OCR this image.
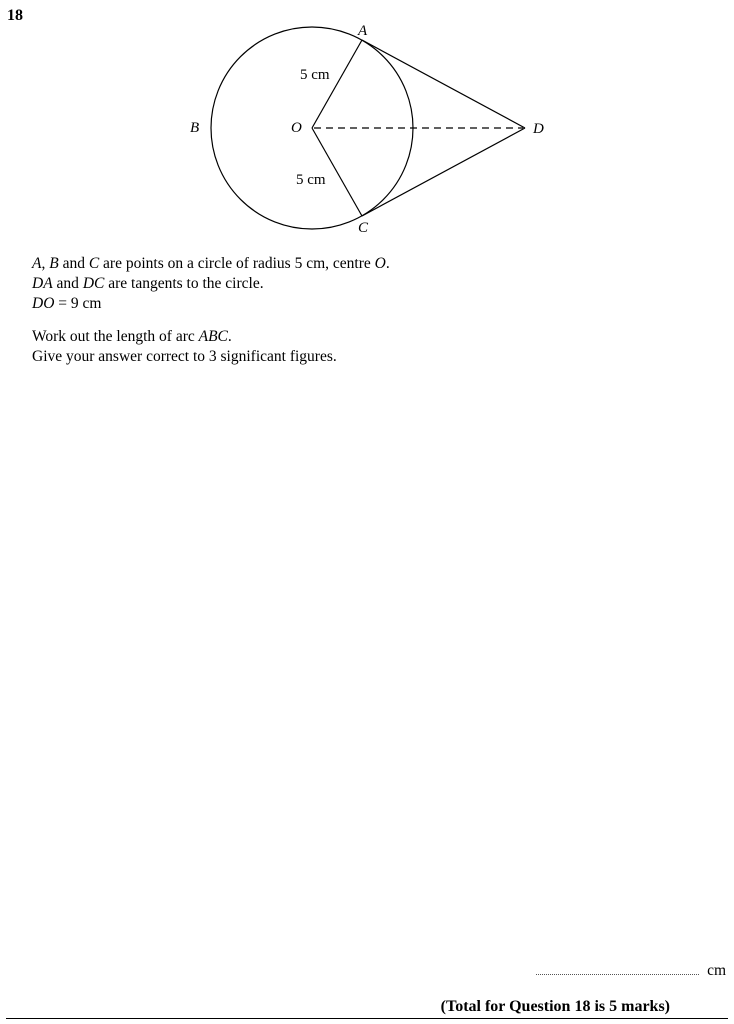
18
A
B
C
D
O
5 cm
5 cm
A, B and C are points on a circle of radius 5 cm, centre O.
DA and DC are tangents to the circle.
DO = 9 cm
Work out the length of arc ABC.
Give your answer correct to 3 significant figures.
cm
(Total for Question 18 is 5 marks)
